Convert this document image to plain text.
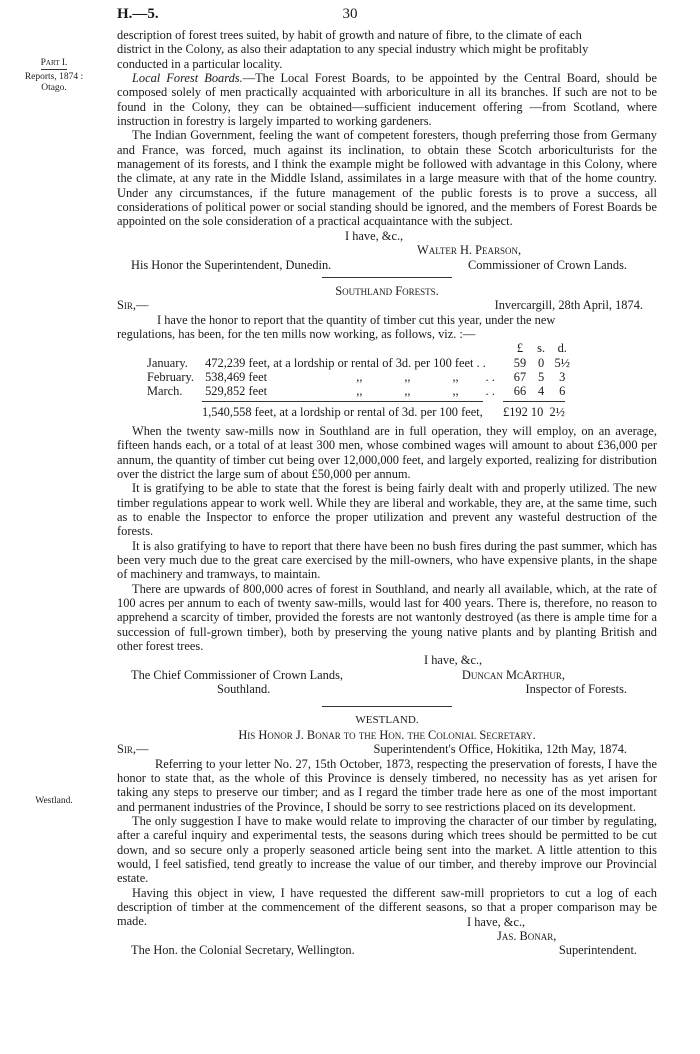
H.—5.	30
Part I.
Reports, 1874 :
Otago.
Westland.

description of forest trees suited, by habit of growth and nature of fibre, to the climate of each

district in the Colony, as also their adaptation to any special industry which might be profitably

conducted in a particular locality.

Local Forest Boards.—The Local Forest Boards, to be appointed by the Central Board, should be composed solely of men practically acquainted with arboriculture in all its branches. If such are not to be found in the Colony, they can be obtained—sufficient inducement offering —from Scotland, where instruction in forestry is largely imparted to working gardeners.

The Indian Government, feeling the want of competent foresters, though preferring those from Germany and France, was forced, much against its inclination, to obtain these Scotch arboriculturists for the management of its forests, and I think the example might be followed with advantage in this Colony, where the climate, at any rate in the Middle Island, assimilates in a large measure with that of the home country. Under any circumstances, if the future management of the public forests is to prove a success, all considerations of political power or social standing should be ignored, and the members of Forest Boards be appointed on the sole consideration of a practical acquaintance with the subject.

I have, &c.,

Walter H. Pearson,

His Honor the Superintendent, Dunedin.	Commissioner of Crown Lands.

Southland Forests.

Sir,—	Invercargill, 28th April, 1874.

I have the honor to report that the quantity of timber cut this year, under the new

regulations, has been, for the ten mills now working, as follows, viz. :—

	£ s. d.
January. 472,239 feet, at a lordship or rental of 3d. per 100 feet . .	59 0 5½
February. 538,469 feet ,, ,, ,, . .	67 5 3
March. 529,852 feet ,, ,, ,, . .	66 4 6
1,540,558 feet, at a lordship or rental of 3d. per 100 feet,	£192 10  2½

When the twenty saw-mills now in Southland are in full operation, they will employ, on an average, fifteen hands each, or a total of at least 300 men, whose combined wages will amount to about £36,000 per annum, the quantity of timber cut being over 12,000,000 feet, and largely exported, realizing for distribution over the district the large sum of about £50,000 per annum.

It is gratifying to be able to state that the forest is being fairly dealt with and properly utilized. The new timber regulations appear to work well. While they are liberal and workable, they are, at the same time, such as to enable the Inspector to enforce the proper utilization and prevent any wasteful destruction of the forests.

It is also gratifying to have to report that there have been no bush fires during the past summer, which has been very much due to the great care exercised by the mill-owners, who have expensive plants, in the shape of machinery and tramways, to maintain.

There are upwards of 800,000 acres of forest in Southland, and nearly all available, which, at the rate of 100 acres per annum to each of twenty saw-mills, would last for 400 years. There is, therefore, no reason to apprehend a scarcity of timber, provided the forests are not wantonly destroyed (as there is ample time for a succession of full-grown timber), both by preserving the young native plants and by planting British and other forest trees.

I have, &c.,

The Chief Commissioner of Crown Lands,	Duncan McArthur,
Southland.	Inspector of Forests.

WESTLAND.

His Honor J. Bonar to the Hon. the Colonial Secretary.

Sir,—	Superintendent's Office, Hokitika, 12th May, 1874.

Referring to your letter No. 27, 15th October, 1873, respecting the preservation of forests, I have the honor to state that, as the whole of this Province is densely timbered, no necessity has as yet arisen for taking any steps to preserve our timber; and as I regard the timber trade here as one of the most important and permanent industries of the Province, I should be sorry to see restrictions placed on its development.

The only suggestion I have to make would relate to improving the character of our timber by regulating, after a careful inquiry and experimental tests, the seasons during which trees should be permitted to be cut down, and so secure only a properly seasoned article being sent into the market. A little attention to this would, I feel satisfied, tend greatly to increase the value of our timber, and thereby improve our Provincial estate.

Having this object in view, I have requested the different saw-mill proprietors to cut a log of each description of timber at the commencement of the different seasons, so that a proper comparison may be made.	I have, &c.,

Jas. Bonar,

The Hon. the Colonial Secretary, Wellington.	Superintendent.
